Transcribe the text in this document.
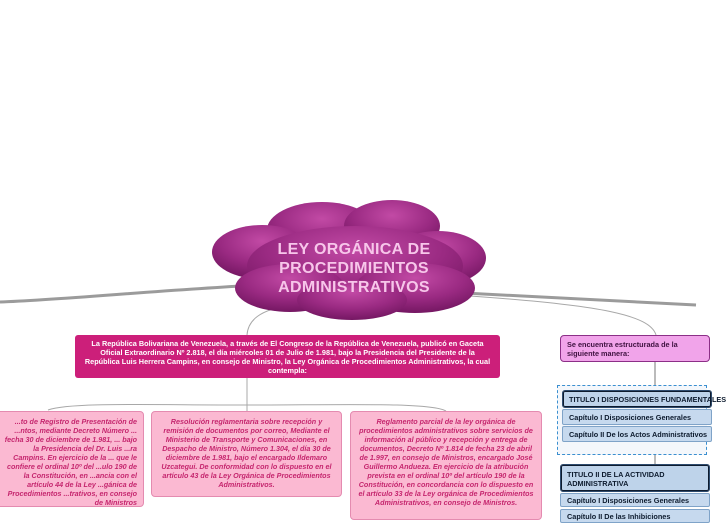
LEY ORGÁNICA DE PROCEDIMIENTOS ADMINISTRATIVOS
La República Bolivariana de Venezuela, a través de El Congreso de la República de Venezuela, publicó en Gaceta Oficial Extraordinario Nº 2.818, el día miércoles 01 de Julio de 1.981, bajo la Presidencia del Presidente de la República Luis Herrera Campins, en consejo de Ministro, la Ley Orgánica de Procedimientos Administrativos, la cual contempla:
...to de Registro de Presentación de ...ntos, mediante Decreto Número ... fecha 30 de diciembre de 1.981, ... bajo la Presidencia del Dr. Luis ...ra Campins. En ejercicio de la ... que le confiere el ordinal 10º del ...ulo 190 de la Constitución, en ...ancia con el artículo 44 de la Ley ...gánica de Procedimientos ...trativos, en consejo de Ministros
Resolución reglamentaria sobre recepción y remisión de documentos por correo, Mediante el Ministerio de Transporte y Comunicaciones, en Despacho de Ministro, Número 1.304, el día 30 de diciembre de 1.981, bajo el encargado Ildemaro Uzcategui. De conformidad con lo dispuesto en el artículo 43 de la Ley Orgánica de Procedimientos Administrativos.
Reglamento parcial de la ley orgánica de procedimientos administrativos sobre servicios de información al público y recepción y entrega de documentos, Decreto Nº 1.814 de fecha 23 de abril de 1.997, en consejo de Ministros, encargado José Guillermo Andueza. En ejercicio de la atribución prevista en el ordinal 10º del artículo 190 de la Constitución, en concordancia con lo dispuesto en el artículo 33 de la Ley orgánica de Procedimientos Administrativos, en consejo de Ministros.
Se encuentra estructurada de la siguiente manera:
TITULO I DISPOSICIONES FUNDAMENTALES
Capítulo I Disposiciones Generales
Capítulo II De los Actos Administrativos
TITULO II DE LA ACTIVIDAD ADMINISTRATIVA
Capítulo I Disposiciones Generales
Capítulo II De las Inhibiciones
